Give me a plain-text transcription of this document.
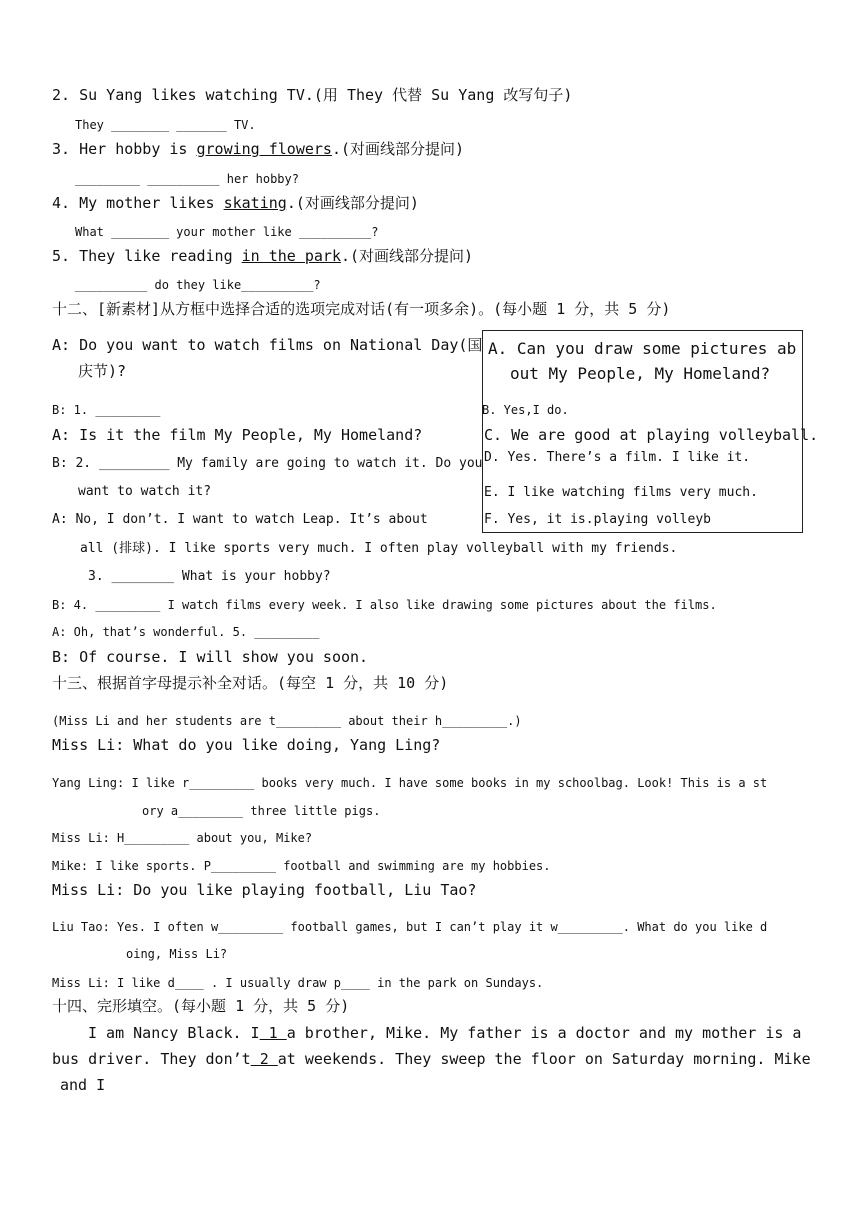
2. Su Yang likes watching TV.(用 They 代替 Su Yang 改写句子)
They ________ _______ TV.
3. Her hobby is growing flowers.(对画线部分提问)
_________ __________ her hobby?
4. My mother likes skating.(对画线部分提问)
What ________ your mother like __________?
5. They like reading in the park.(对画线部分提问)
__________ do they like__________?
十二、[新素材]从方框中选择合适的选项完成对话(有一项多余)。(每小题 1 分，共 5 分)
A: Do you want to watch films on National Day(国
庆节)?
B: 1. _________
A: Is it the film My People, My Homeland?
B: 2. _________ My family are going to watch it. Do you
want to watch it?
A: No, I don’t. I want to watch Leap. It’s about
all (排球). I like sports very much. I often play volleyball with my friends.
3. ________ What is your hobby?
B: 4. _________ I watch films every week. I also like drawing some pictures about the films.
A: Oh, that’s wonderful. 5. _________
B: Of course. I will show you soon.
A. Can you draw some pictures ab
out My People, My Homeland?
B. Yes,I do.
C. We are good at playing volleyball.
D. Yes. There’s a film. I like it.
E. I like watching films very much.
F. Yes, it is.playing volleyb
十三、根据首字母提示补全对话。(每空 1 分，共 10 分)
(Miss Li and her students are t_________ about their h_________.)
Miss Li: What do you like doing, Yang Ling?
Yang Ling: I like r_________ books very much. I have some books in my schoolbag. Look! This is a st
ory a_________ three little pigs.
Miss Li: H_________ about you, Mike?
Mike: I like sports. P_________ football and swimming are my hobbies.
Miss Li: Do you like playing football, Liu Tao?
Liu Tao: Yes. I often w_________ football games, but I can’t play it w_________. What do you like d
oing, Miss Li?
Miss Li: I like d____ . I usually draw p____ in the park on Sundays.
十四、完形填空。(每小题 1 分，共 5 分)
I am Nancy Black. I 1 a brother, Mike. My father is a doctor and my mother is a
bus driver. They don’t 2 at weekends. They sweep the floor on Saturday morning. Mike
and I
